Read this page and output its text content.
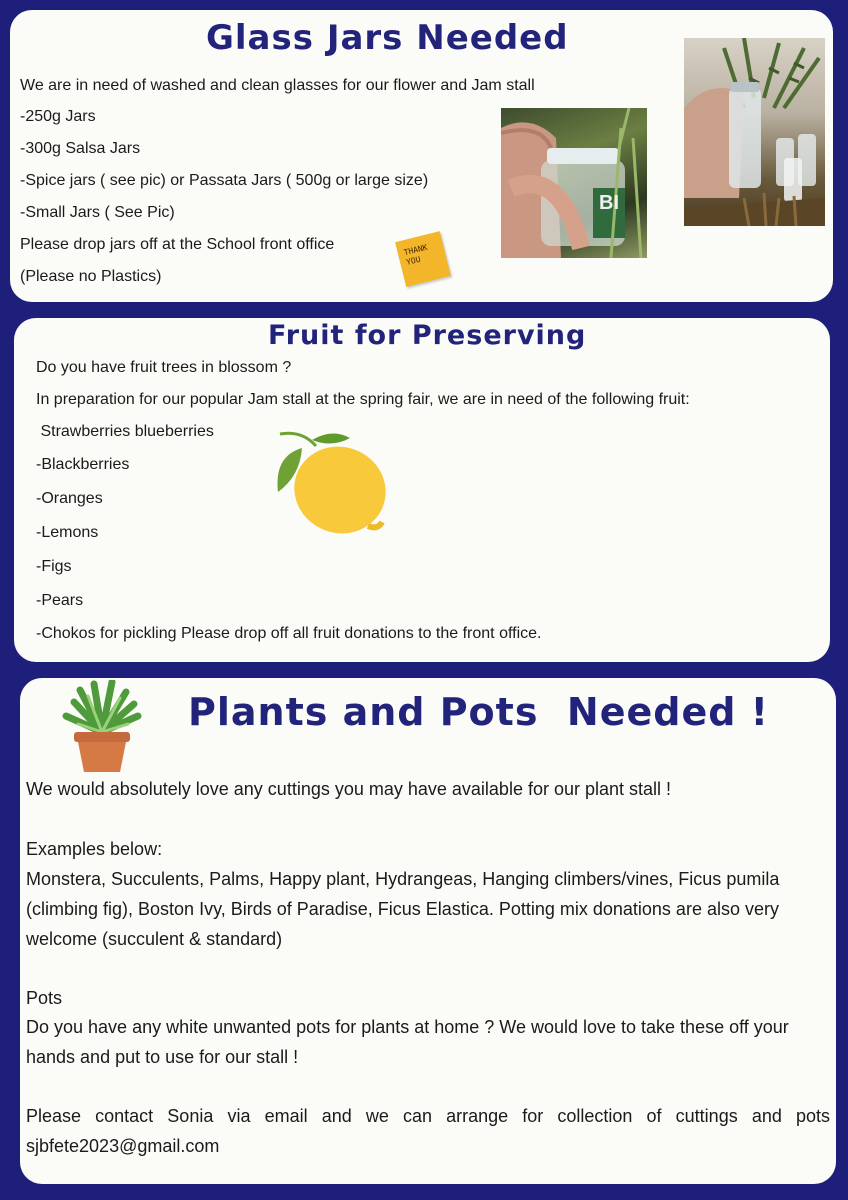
Glass Jars Needed
We are in need of washed and clean glasses for our flower and Jam stall
-250g Jars
-300g Salsa Jars
-Spice jars ( see pic) or Passata Jars ( 500g or large size)
-Small Jars ( See Pic)
Please drop jars off at the School front office
(Please no Plastics)
THANK YOU
BI
Fruit for Preserving
Do you have fruit trees in blossom ?
In preparation for our popular Jam stall at the spring fair, we are in need of the following fruit:
Strawberries blueberries
-Blackberries
-Oranges
-Lemons
-Figs
-Pears
-Chokos for pickling Please drop off all fruit donations to the front office.
Plants and Pots  Needed !
We would absolutely love any cuttings you may have available for our plant stall !
Examples below:
Monstera, Succulents, Palms, Happy plant, Hydrangeas, Hanging climbers/vines, Ficus pumila (climbing fig), Boston Ivy, Birds of Paradise, Ficus Elastica. Potting mix donations are also very welcome (succulent & standard)
Pots
Do you have any white unwanted pots for plants at home ? We would love to take these off your hands and put to use for our stall !
Please contact Sonia via email and we can arrange for collection of cuttings and pots
sjbfete2023@gmail.com
